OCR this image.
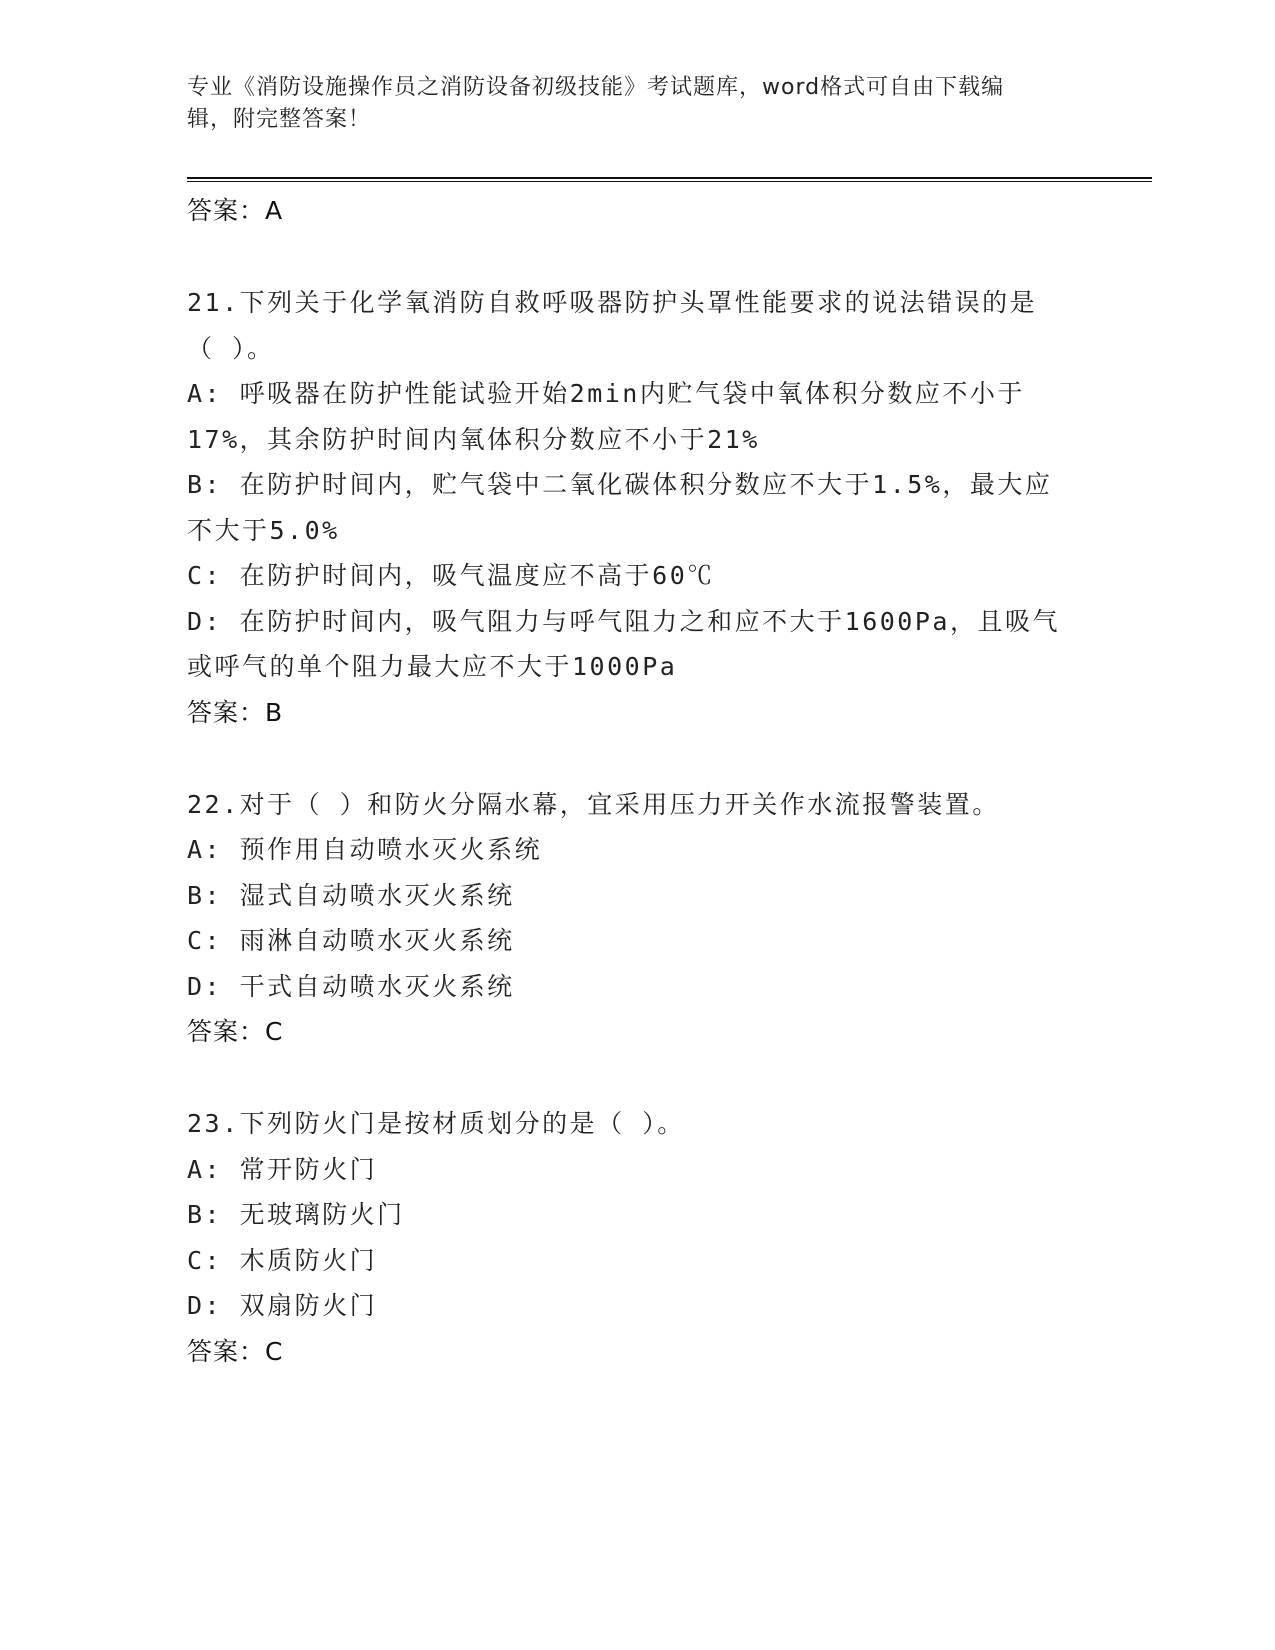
专业《消防设施操作员之消防设备初级技能》考试题库，word格式可自由下载编
辑，附完整答案！
答案：A
21.下列关于化学氧消防自救呼吸器防护头罩性能要求的说法错误的是
（ ）。
A: 呼吸器在防护性能试验开始2min内贮气袋中氧体积分数应不小于
17%，其余防护时间内氧体积分数应不小于21%
B: 在防护时间内，贮气袋中二氧化碳体积分数应不大于1.5%，最大应
不大于5.0%
C: 在防护时间内，吸气温度应不高于60℃
D: 在防护时间内，吸气阻力与呼气阻力之和应不大于1600Pa，且吸气
或呼气的单个阻力最大应不大于1000Pa
答案：B
22.对于（ ）和防火分隔水幕，宜采用压力开关作水流报警装置。
A: 预作用自动喷水灭火系统
B: 湿式自动喷水灭火系统
C: 雨淋自动喷水灭火系统
D: 干式自动喷水灭火系统
答案：C
23.下列防火门是按材质划分的是（ ）。
A: 常开防火门
B: 无玻璃防火门
C: 木质防火门
D: 双扇防火门
答案：C
